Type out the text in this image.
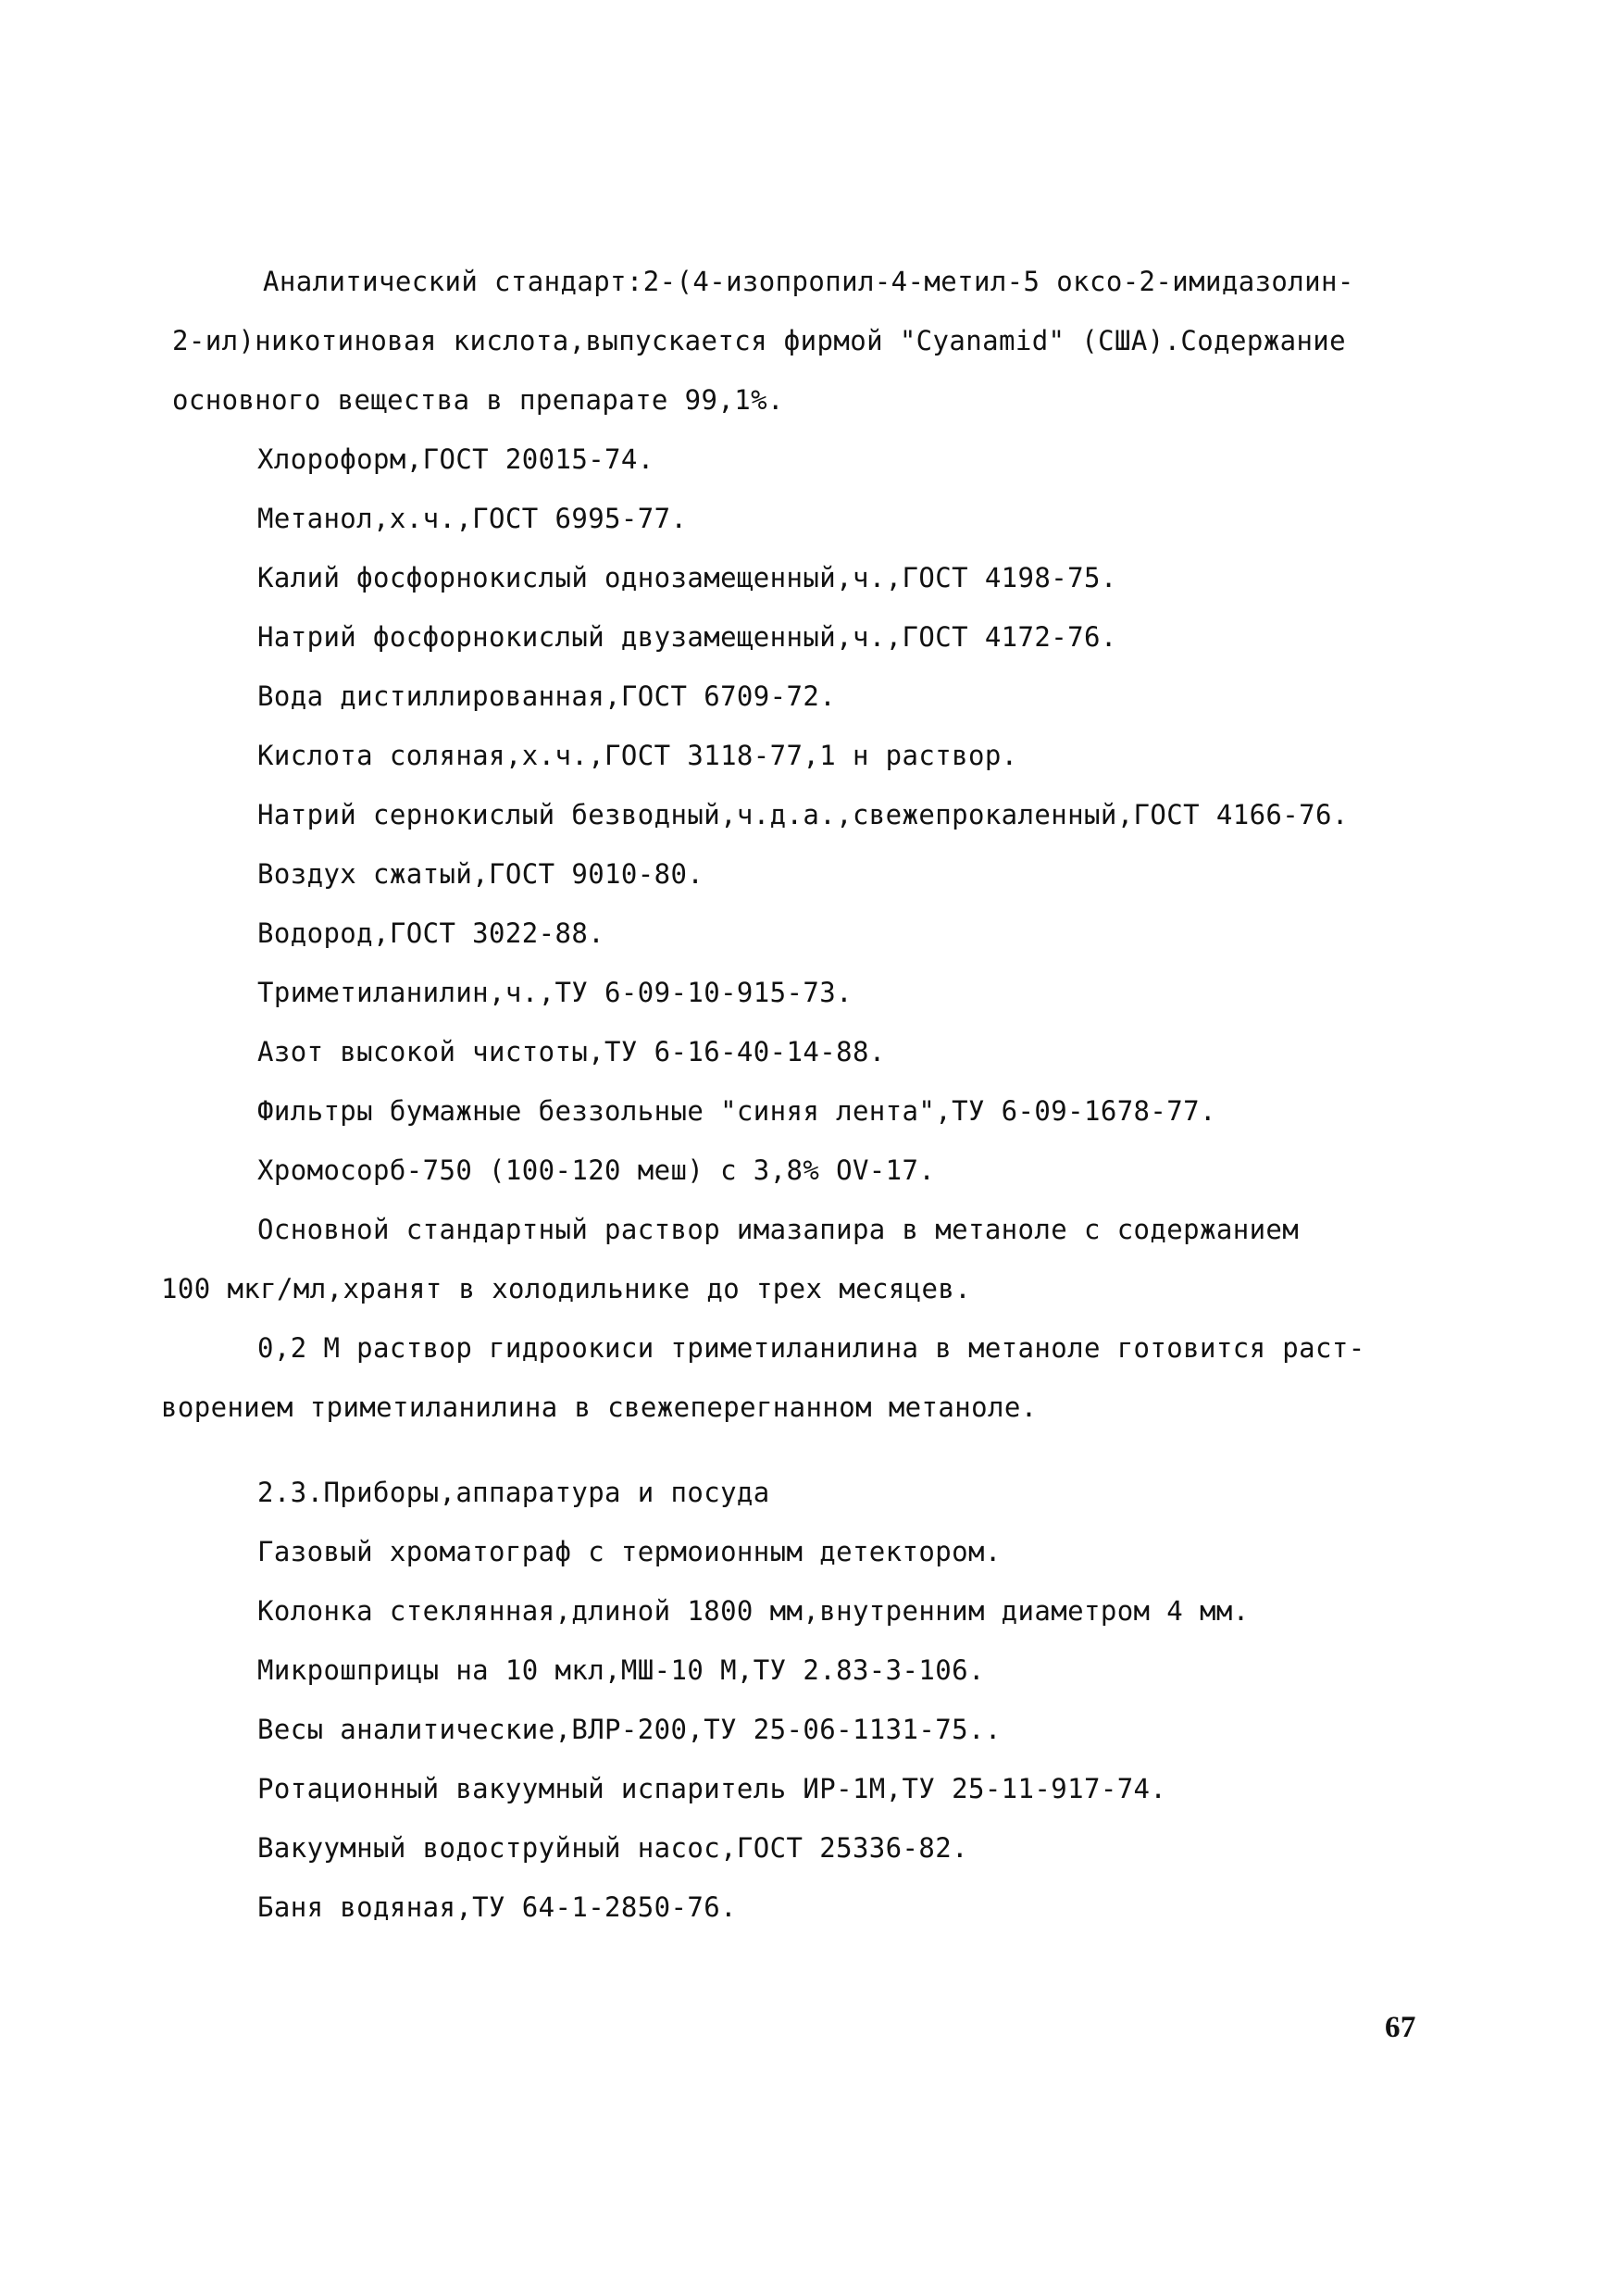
Аналитический стандарт:2-(4-изопропил-4-метил-5 оксо-2-имидазолин-
2-ил)никотиновая кислота,выпускается фирмой "Cyanamid" (США).Содержание
основного вещества в препарате 99,1%.
Хлороформ,ГОСТ 20015-74.
Метанол,х.ч.,ГОСТ 6995-77.
Калий фосфорнокислый однозамещенный,ч.,ГОСТ 4198-75.
Натрий фосфорнокислый двузамещенный,ч.,ГОСТ 4172-76.
Вода дистиллированная,ГОСТ 6709-72.
Кислота соляная,х.ч.,ГОСТ 3118-77,1 н раствор.
Натрий сернокислый безводный,ч.д.а.,свежепрокаленный,ГОСТ 4166-76.
Воздух сжатый,ГОСТ 9010-80.
Водород,ГОСТ 3022-88.
Триметиланилин,ч.,ТУ 6-09-10-915-73.
Азот высокой чистоты,ТУ 6-16-40-14-88.
Фильтры бумажные беззольные "синяя лента",ТУ 6-09-1678-77.
Хромосорб-750 (100-120 меш) с 3,8% OV-17.
Основной стандартный раствор имазапира в метаноле с содержанием
100 мкг/мл,хранят в холодильнике до трех месяцев.
0,2 М раствор гидроокиси триметиланилина в метаноле готовится раст-
ворением триметиланилина в свежеперегнанном метаноле.
2.3.Приборы,аппаратура и посуда
Газовый хроматограф с термоионным детектором.
Колонка стеклянная,длиной 1800 мм,внутренним диаметром 4 мм.
Микрошприцы на 10 мкл,МШ-10 М,ТУ 2.83-3-106.
Весы аналитические,ВЛР-200,ТУ 25-06-1131-75..
Ротационный вакуумный испаритель ИР-1М,ТУ 25-11-917-74.
Вакуумный водоструйный насос,ГОСТ 25336-82.
Баня водяная,ТУ 64-1-2850-76.
67
